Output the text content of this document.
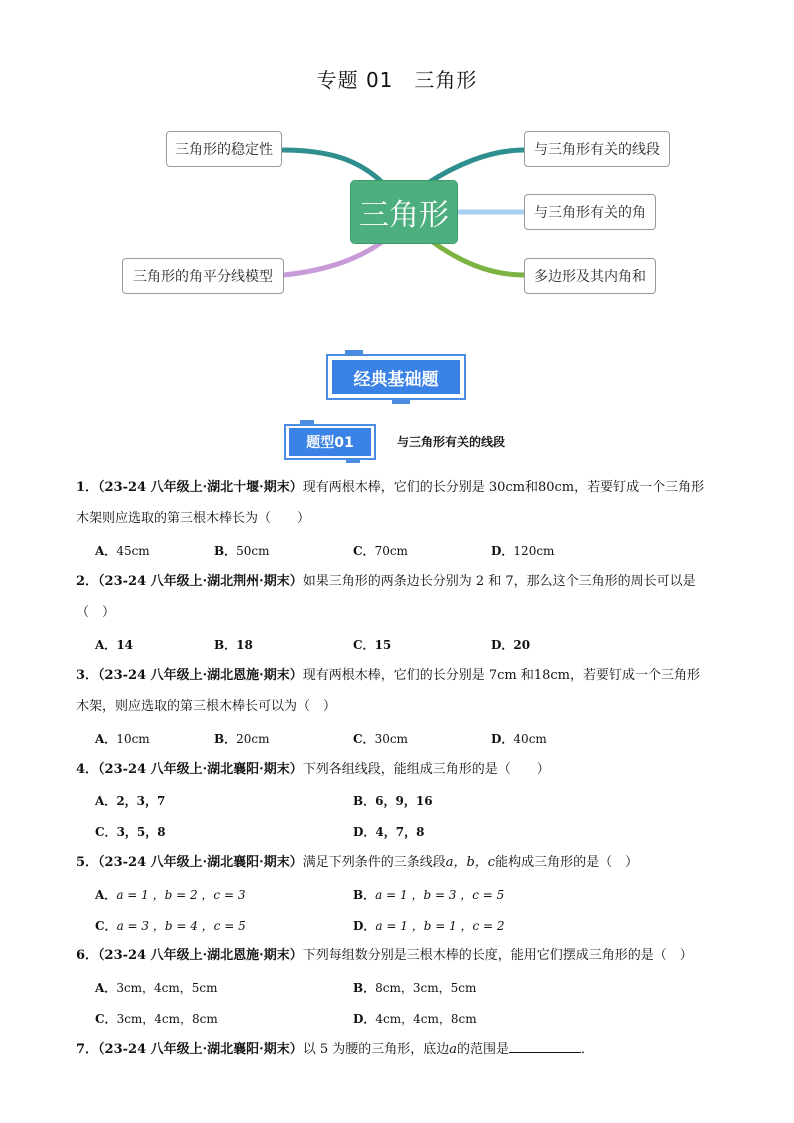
专题 01　三角形
三角形
三角形的稳定性
三角形的角平分线模型
与三角形有关的线段
与三角形有关的角
多边形及其内角和
经典基础题
题型01	与三角形有关的线段
1．（23-24 八年级上·湖北十堰·期末）现有两根木棒，它们的长分别是 30cm和80cm，若要钉成一个三角形
木架则应选取的第三根木棒长为（　　）
A．45cm	B．50cm	C．70cm	D．120cm
2．（23-24 八年级上·湖北荆州·期末）如果三角形的两条边长分别为 2 和 7，那么这个三角形的周长可以是
（　）
A．14	B．18	C．15	D．20
3．（23-24 八年级上·湖北恩施·期末）现有两根木棒，它们的长分别是 7cm 和18cm，若要钉成一个三角形
木架，则应选取的第三根木棒长可以为（　）
A．10cm	B．20cm	C．30cm	D．40cm
4．（23-24 八年级上·湖北襄阳·期末）下列各组线段，能组成三角形的是（　　）
A．2，3，7	B．6，9，16
C．3，5，8	D．4，7，8
5．（23-24 八年级上·湖北襄阳·期末）满足下列条件的三条线段a，b，c能构成三角形的是（　）
A．a = 1 ，b = 2 ，c = 3	B．a = 1 ，b = 3 ，c = 5
C．a = 3 ，b = 4 ，c = 5	D．a = 1 ，b = 1 ，c = 2
6．（23-24 八年级上·湖北恩施·期末）下列每组数分别是三根木棒的长度，能用它们摆成三角形的是（　）
A．3cm，4cm，5cm	B．8cm，3cm，5cm
C．3cm，4cm，8cm	D．4cm，4cm，8cm
7．（23-24 八年级上·湖北襄阳·期末）以 5 为腰的三角形，底边a的范围是	．
